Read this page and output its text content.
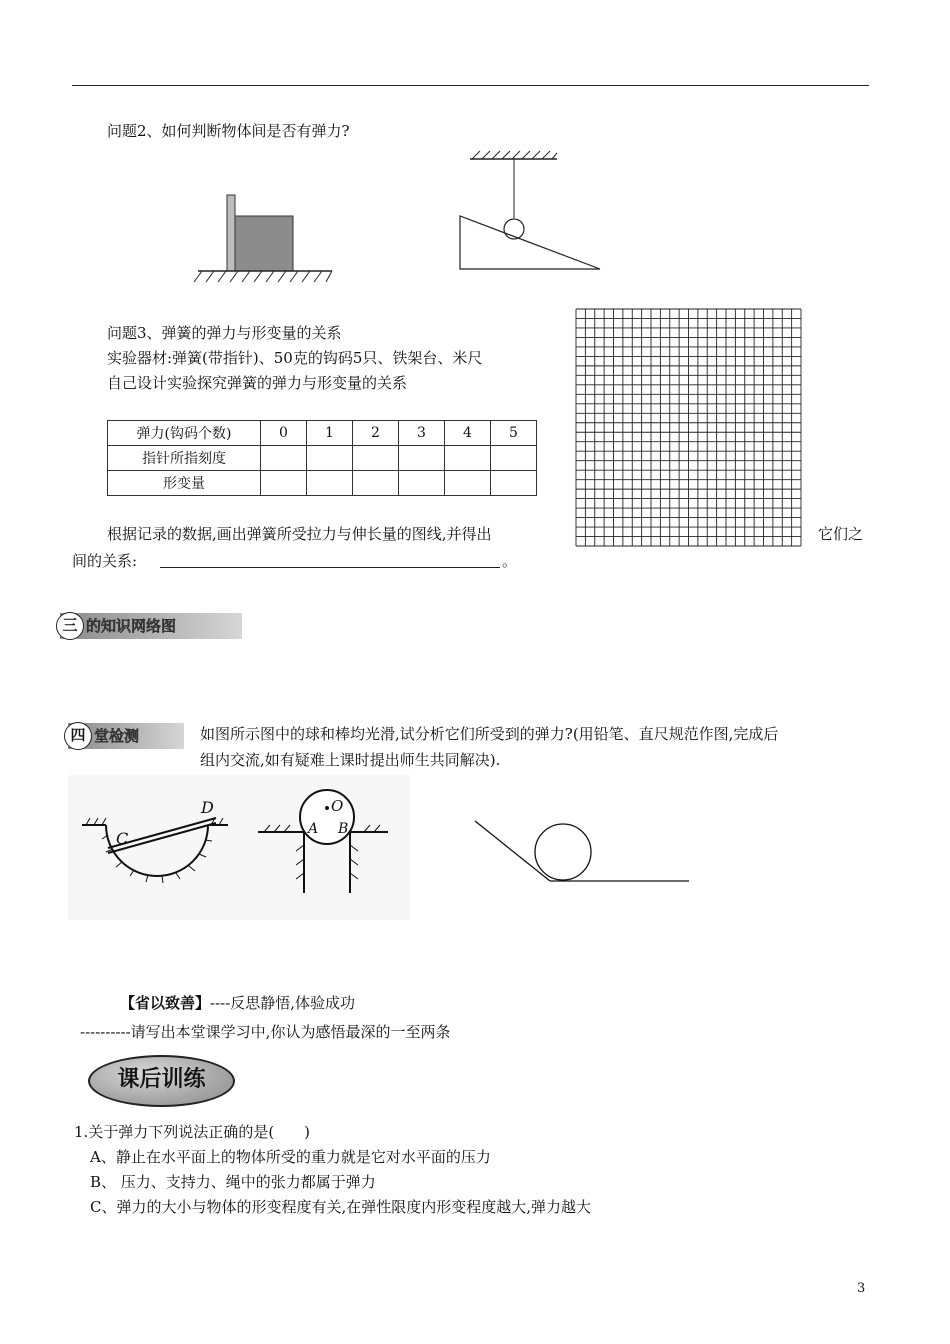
问题2、如何判断物体间是否有弹力?
问题3、弹簧的弹力与形变量的关系
实验器材:弹簧(带指针)、50克的钩码5只、铁架台、米尺
自己设计实验探究弹簧的弹力与形变量的关系
弹力(钩码个数)	0	1	2	3	4	5
指针所指刻度						
形变量						
根据记录的数据,画出弹簧所受拉力与伸长量的图线,并得出	它们之
间的关系:	。
三 的知识网络图
四 堂检测	如图所示图中的球和棒均光滑,试分析它们所受到的弹力?(用铅笔、直尺规范作图,完成后
组内交流,如有疑难上课时提出师生共同解决).
C
D	O
A B
【省以致善】----反思静悟,体验成功
----------请写出本堂课学习中,你认为感悟最深的一至两条
课后训练
1.关于弹力下列说法正确的是(　　)
A、静止在水平面上的物体所受的重力就是它对水平面的压力
B、 压力、支持力、绳中的张力都属于弹力
C、弹力的大小与物体的形变程度有关,在弹性限度内形变程度越大,弹力越大
3
